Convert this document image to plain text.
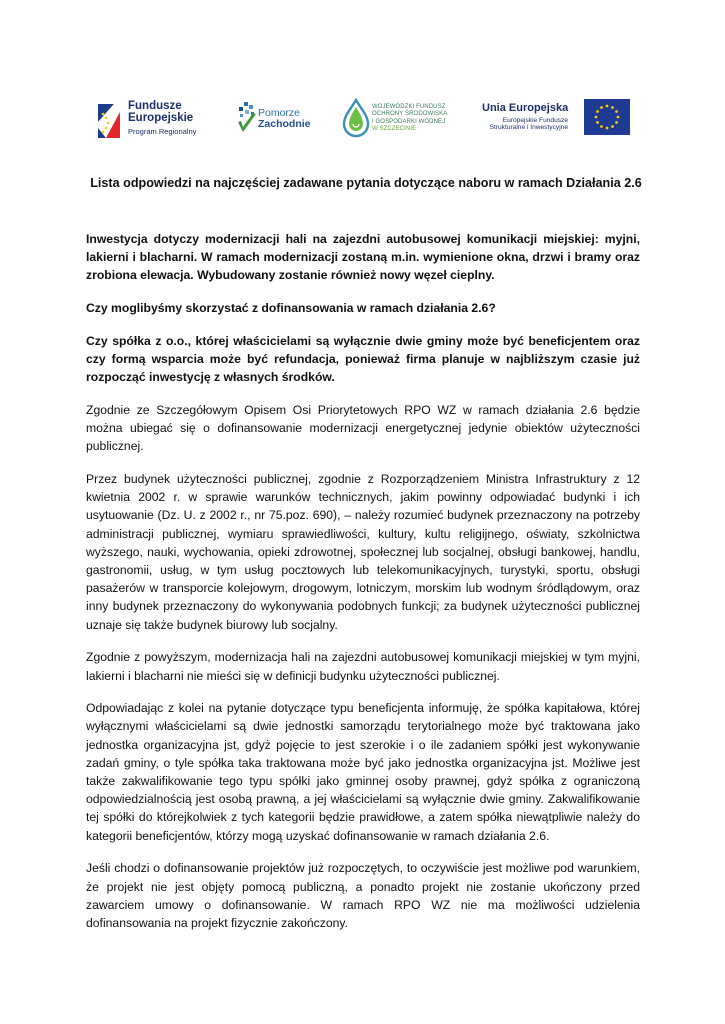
Fundusze
Europejskie
Program Regionalny
Pomorze
Zachodnie
WOJEWÓDZKI FUNDUSZ
OCHRONY ŚRODOWISKA
I GOSPODARKI WODNEJ
W SZCZECINIE
Unia Europejska
Europejskie Fundusze
Strukturalne i Inwestycyjne
Lista odpowiedzi na najczęściej zadawane pytania dotyczące naboru w ramach Działania 2.6

Inwestycja dotyczy modernizacji hali na zajezdni autobusowej komunikacji miejskiej: myjni, lakierni i blacharni. W ramach modernizacji zostaną m.in. wymienione okna, drzwi i bramy oraz zrobiona elewacja. Wybudowany zostanie również nowy węzeł cieplny.

Czy moglibyśmy skorzystać z dofinansowania w ramach działania 2.6?

Czy spółka z o.o., której właścicielami są wyłącznie dwie gminy może być beneficjentem oraz czy formą wsparcia może być refundacja, ponieważ firma planuje w najbliższym czasie już rozpocząć inwestycję z własnych środków.

Zgodnie ze Szczegółowym Opisem Osi Priorytetowych RPO WZ w ramach działania 2.6 będzie można ubiegać się o dofinansowanie modernizacji energetycznej jedynie obiektów użyteczności publicznej.

Przez budynek użyteczności publicznej, zgodnie z Rozporządzeniem Ministra Infrastruktury z 12 kwietnia 2002 r. w sprawie warunków technicznych, jakim powinny odpowiadać budynki i ich usytuowanie (Dz. U. z 2002 r., nr 75.poz. 690), – należy rozumieć budynek przeznaczony na potrzeby administracji publicznej, wymiaru sprawiedliwości, kultury, kultu religijnego, oświaty, szkolnictwa wyższego, nauki, wychowania, opieki zdrowotnej, społecznej lub socjalnej, obsługi bankowej, handlu, gastronomii, usług, w tym usług pocztowych lub telekomunikacyjnych, turystyki, sportu, obsługi pasażerów w transporcie kolejowym, drogowym, lotniczym, morskim lub wodnym śródlądowym, oraz inny budynek przeznaczony do wykonywania podobnych funkcji; za budynek użyteczności publicznej uznaje się także budynek biurowy lub socjalny.

Zgodnie z powyższym, modernizacja hali na zajezdni autobusowej komunikacji miejskiej w tym myjni, lakierni i blacharni nie mieści się w definicji budynku użyteczności publicznej.

Odpowiadając z kolei na pytanie dotyczące typu beneficjenta informuję, że spółka kapitałowa, której wyłącznymi właścicielami są dwie jednostki samorządu terytorialnego może być traktowana jako jednostka organizacyjna jst, gdyż pojęcie to jest szerokie i o ile zadaniem spółki jest wykonywanie zadań gminy, o tyle spółka taka traktowana może być jako jednostka organizacyjna jst. Możliwe jest także zakwalifikowanie tego typu spółki jako gminnej osoby prawnej, gdyż spółka z ograniczoną odpowiedzialnością jest osobą prawną, a jej właścicielami są wyłącznie dwie gminy. Zakwalifikowanie tej spółki do którejkolwiek z tych kategorii będzie prawidłowe, a zatem spółka niewątpliwie należy do kategorii beneficjentów, którzy mogą uzyskać dofinansowanie w ramach działania 2.6.

Jeśli chodzi o dofinansowanie projektów już rozpoczętych, to oczywiście jest możliwe pod warunkiem, że projekt nie jest objęty pomocą publiczną, a ponadto projekt nie zostanie ukończony przed zawarciem umowy o dofinansowanie. W ramach RPO WZ nie ma możliwości udzielenia dofinansowania na projekt fizycznie zakończony.
